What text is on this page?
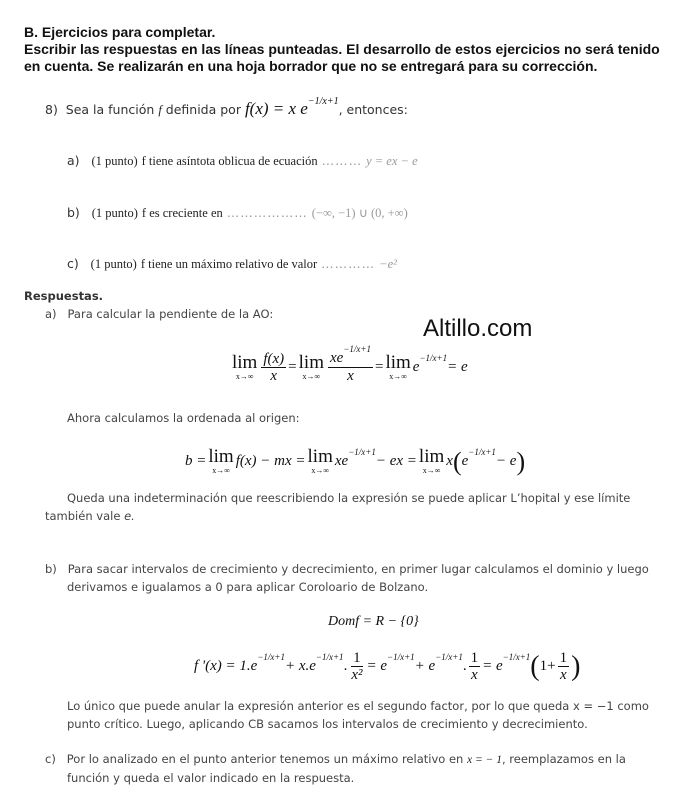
B. Ejercicios para completar.
Escribir las respuestas en las líneas punteadas. El desarrollo de estos ejercicios no será tenido
en cuenta. Se realizarán en una hoja borrador que no se entregará para su corrección.
8) Sea la función f definida por f(x) = x $e^{-1/x+1}$, entonces:
a) (1 punto) f tiene asíntota oblicua de ecuación ……… y = ex − e
b) (1 punto) f es creciente en ……………… (−∞, −1) ∪ (0, +∞)
c) (1 punto) f tiene un máximo relativo de valor ………… −e²
Respuestas.
a) Para calcular la pendiente de la AO:
Altillo.com
lim
$x\to\infty \frac{f(x)}{x} = \lim$
$x\to\infty \frac{xe^{-1/x+1}}{x} = \lim$
x→∞
$e^{-1/x+1}$
= e
Ahora calculamos la ordenada al origen:
b = lim
x→∞
f(x) − mx = lim
x→∞
$xe^{-1/x+1}$
− ex = lim
x→∞
x ( $e^{-1/x+1}$
− e )
Queda una indeterminación que reescribiendo la expresión se puede aplicar L’hopital y ese límite
también vale e.
b) Para sacar intervalos de crecimiento y decrecimiento, en primer lugar calculamos el dominio y luego
derivamos e igualamos a 0 para aplicar Coroloario de Bolzano.
Domf = R − {0}
f '$(x) = 1.e^{-1/x+1}$
+ $x.e^{-1/x+1}$
. $\frac{1}{\text{x²}} = e^{-1/x+1}$
+ $e^{-1/x+1}$
. $\frac{1}{x} = e^{-1/x+1}$ ( $1+ \frac{1}{x}$ )
Lo único que puede anular la expresión anterior es el segundo factor, por lo que queda x = −1 como
punto crítico. Luego, aplicando CB sacamos los intervalos de crecimiento y decrecimiento.
c) Por lo analizado en el punto anterior tenemos un máximo relativo en x = − 1, reemplazamos en la
función y queda el valor indicado en la respuesta.
